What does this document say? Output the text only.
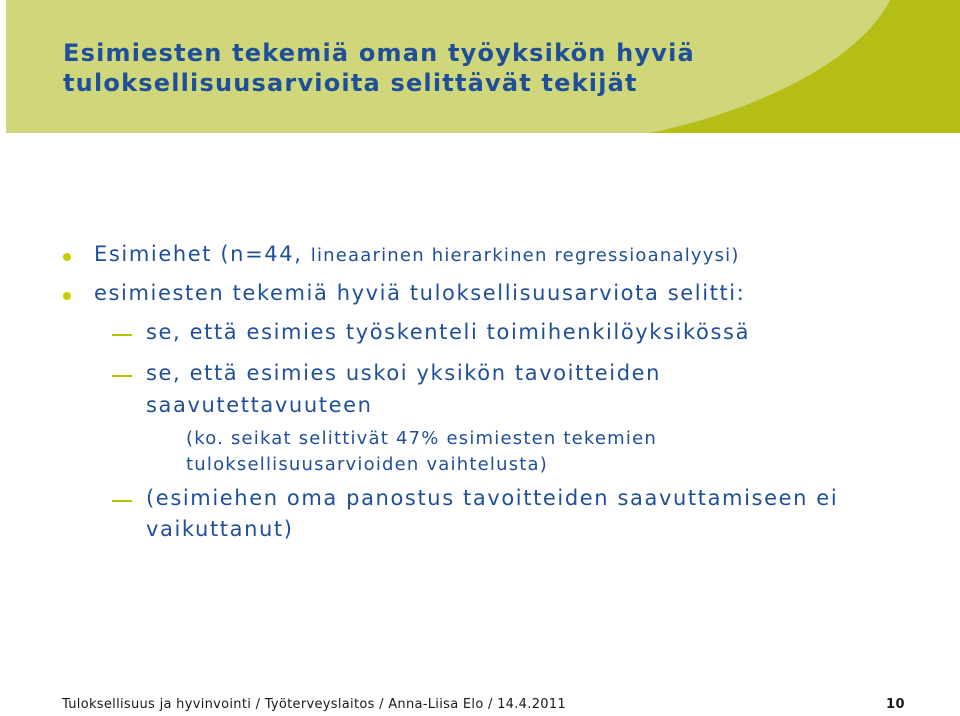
Esimiesten tekemiä oman työyksikön hyviä
tuloksellisuusarvioita selittävät tekijät
Esimiehet (n=44, lineaarinen hierarkinen regressioanalyysi)
esimiesten tekemiä hyviä tuloksellisuusarviota selitti:
se, että esimies työskenteli toimihenkilöyksikössä
se, että esimies uskoi yksikön tavoitteiden
saavutettavuuteen
(ko. seikat selittivät 47% esimiesten tekemien
tuloksellisuusarvioiden vaihtelusta)
(esimiehen oma panostus tavoitteiden saavuttamiseen ei
vaikuttanut)
Tuloksellisuus ja hyvinvointi / Työterveyslaitos / Anna-Liisa Elo / 14.4.2011	10
